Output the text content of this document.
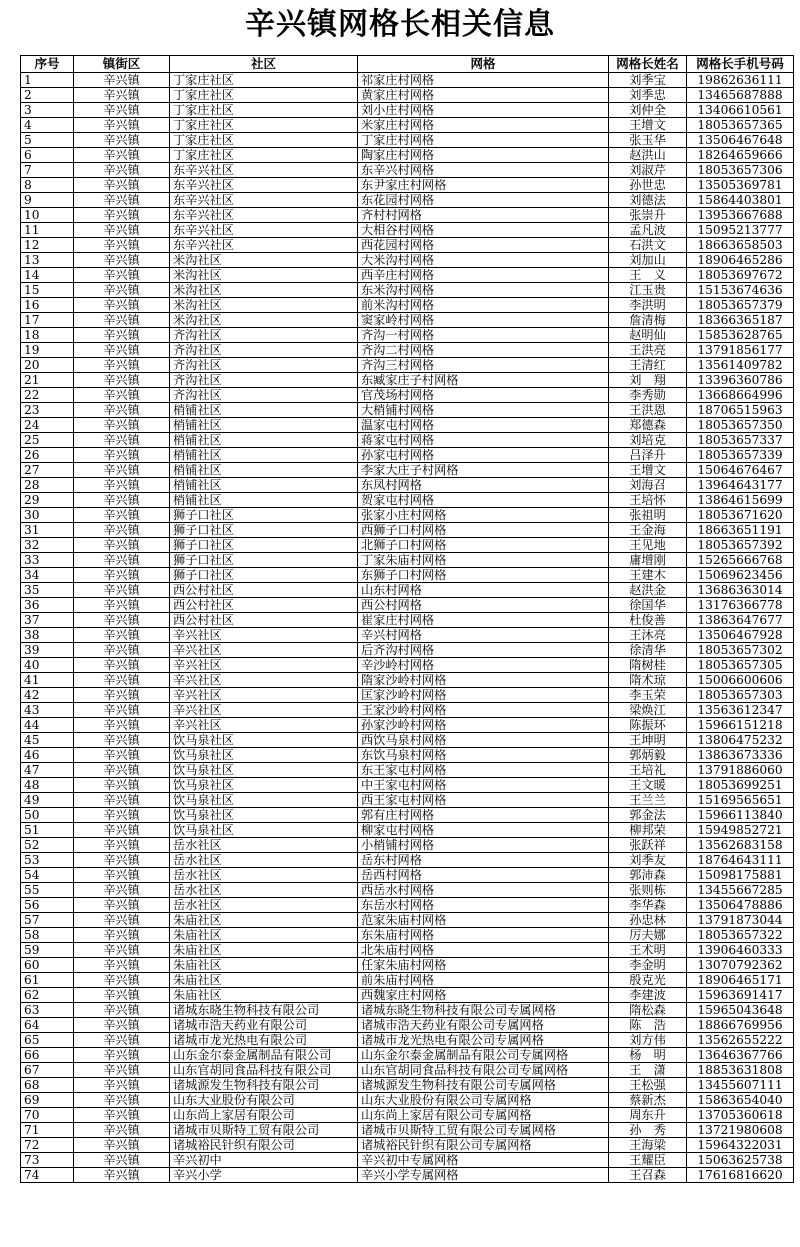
辛兴镇网格长相关信息
序号	镇街区	社区	网格	网格长姓名	网格长手机号码
1	辛兴镇	丁家庄社区	祁家庄村网格	刘季宝	19862636111
2	辛兴镇	丁家庄社区	黄家庄村网格	刘季忠	13465687888
3	辛兴镇	丁家庄社区	刘小庄村网格	刘仲全	13406610561
4	辛兴镇	丁家庄社区	米家庄村网格	王增文	18053657365
5	辛兴镇	丁家庄社区	丁家庄村网格	张玉华	13506467648
6	辛兴镇	丁家庄社区	陶家庄村网格	赵洪山	18264659666
7	辛兴镇	东辛兴社区	东辛兴村网格	刘淑芹	18053657306
8	辛兴镇	东辛兴社区	东尹家庄村网格	孙世忠	13505369781
9	辛兴镇	东辛兴社区	东花园村网格	刘德法	15864403801
10	辛兴镇	东辛兴社区	齐村村网格	张崇升	13953667688
11	辛兴镇	东辛兴社区	大相谷村网格	孟凡波	15095213777
12	辛兴镇	东辛兴社区	西花园村网格	石洪文	18663658503
13	辛兴镇	米沟社区	大米沟村网格	刘加山	18906465286
14	辛兴镇	米沟社区	西辛庄村网格	王　义	18053697672
15	辛兴镇	米沟社区	东米沟村网格	江玉贵	15153674636
16	辛兴镇	米沟社区	前米沟村网格	李洪明	18053657379
17	辛兴镇	米沟社区	窦家岭村网格	詹清梅	18366365187
18	辛兴镇	齐沟社区	齐沟一村网格	赵明仙	15853628765
19	辛兴镇	齐沟社区	齐沟二村网格	王洪亮	13791856177
20	辛兴镇	齐沟社区	齐沟三村网格	王清红	13561409782
21	辛兴镇	齐沟社区	东臧家庄子村网格	刘　翔	13396360786
22	辛兴镇	齐沟社区	官茂场村网格	李秀勋	13668664996
23	辛兴镇	梢铺社区	大梢铺村网格	王洪恩	18706515963
24	辛兴镇	梢铺社区	温家屯村网格	郑德森	18053657350
25	辛兴镇	梢铺社区	蒋家屯村网格	刘培克	18053657337
26	辛兴镇	梢铺社区	孙家屯村网格	吕泽升	18053657339
27	辛兴镇	梢铺社区	李家大庄子村网格	王增文	15064676467
28	辛兴镇	梢铺社区	东凤村网格	刘海召	13964643177
29	辛兴镇	梢铺社区	贺家屯村网格	王培怀	13864615699
30	辛兴镇	狮子口社区	张家小庄村网格	张祖明	18053671620
31	辛兴镇	狮子口社区	西狮子口村网格	王金海	18663651191
32	辛兴镇	狮子口社区	北狮子口村网格	王见地	18053657392
33	辛兴镇	狮子口社区	丁家朱庙村网格	庸增刚	15265666768
34	辛兴镇	狮子口社区	东狮子口村网格	王建木	15069623456
35	辛兴镇	西公村社区	山东村网格	赵洪金	13686363014
36	辛兴镇	西公村社区	西公村网格	徐国华	13176366778
37	辛兴镇	西公村社区	崔家庄村网格	杜俊善	13863647677
38	辛兴镇	辛兴社区	辛兴村网格	王沐亮	13506467928
39	辛兴镇	辛兴社区	后齐沟村网格	徐清华	18053657302
40	辛兴镇	辛兴社区	辛沙岭村网格	隋树桂	18053657305
41	辛兴镇	辛兴社区	隋家沙岭村网格	隋术琼	15006600606
42	辛兴镇	辛兴社区	匡家沙岭村网格	李玉荣	18053657303
43	辛兴镇	辛兴社区	王家沙岭村网格	梁焕江	13563612347
44	辛兴镇	辛兴社区	孙家沙岭村网格	陈振环	15966151218
45	辛兴镇	饮马泉社区	西饮马泉村网格	王坤明	13806475232
46	辛兴镇	饮马泉社区	东饮马泉村网格	郭炳毅	13863673336
47	辛兴镇	饮马泉社区	东王家屯村网格	王培礼	13791886060
48	辛兴镇	饮马泉社区	中王家屯村网格	王文暖	18053699251
49	辛兴镇	饮马泉社区	西王家屯村网格	王兰兰	15169565651
50	辛兴镇	饮马泉社区	郭有庄村网格	郭金法	15966113840
51	辛兴镇	饮马泉社区	柳家屯村网格	柳邦荣	15949852721
52	辛兴镇	岳水社区	小梢铺村网格	张跃祥	13562683158
53	辛兴镇	岳水社区	岳东村网格	刘季友	18764643111
54	辛兴镇	岳水社区	岳西村网格	郭沛森	15098175881
55	辛兴镇	岳水社区	西岳水村网格	张则栋	13455667285
56	辛兴镇	岳水社区	东岳水村网格	李华森	13506478886
57	辛兴镇	朱庙社区	范家朱庙村网格	孙忠林	13791873044
58	辛兴镇	朱庙社区	东朱庙村网格	厉夫娜	18053657322
59	辛兴镇	朱庙社区	北朱庙村网格	王术明	13906460333
60	辛兴镇	朱庙社区	任家朱庙村网格	李金明	13070792362
61	辛兴镇	朱庙社区	前朱庙村网格	殷克光	18906465171
62	辛兴镇	朱庙社区	西魏家庄村网格	李建波	15963691417
63	辛兴镇	诸城东晓生物科技有限公司	诸城东晓生物科技有限公司专属网格	隋松森	15965043648
64	辛兴镇	诸城市浩天药业有限公司	诸城市浩天药业有限公司专属网格	陈　浩	18866769956
65	辛兴镇	诸城市龙光热电有限公司	诸城市龙光热电有限公司专属网格	刘方伟	13562655222
66	辛兴镇	山东金尔泰金属制品有限公司	山东金尔泰金属制品有限公司专属网格	杨　明	13646367766
67	辛兴镇	山东官胡同食品科技有限公司	山东官胡同食品科技有限公司专属网格	王　潇	18853631808
68	辛兴镇	诸城源发生物科技有限公司	诸城源发生物科技有限公司专属网格	王松强	13455607111
69	辛兴镇	山东大业股份有限公司	山东大业股份有限公司专属网格	蔡新杰	15863654040
70	辛兴镇	山东尚上家居有限公司	山东尚上家居有限公司专属网格	周东升	13705360618
71	辛兴镇	诸城市贝斯特工贸有限公司	诸城市贝斯特工贸有限公司专属网格	孙　秀	13721980608
72	辛兴镇	诸城裕民针织有限公司	诸城裕民针织有限公司专属网格	王海梁	15964322031
73	辛兴镇	辛兴初中	辛兴初中专属网格	王耀臣	15063625738
74	辛兴镇	辛兴小学	辛兴小学专属网格	王召森	17616816620
